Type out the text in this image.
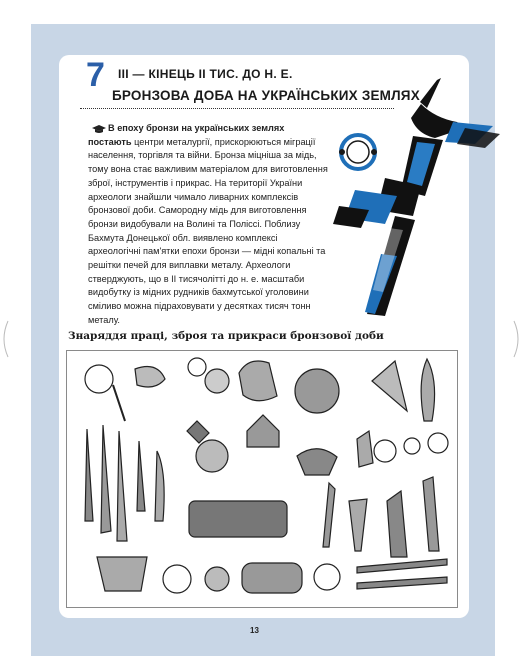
7 III — КІНЕЦЬ II ТИС. ДО Н. Е.
БРОНЗОВА ДОБА НА УКРАЇНСЬКИХ ЗЕМЛЯХ

В епоху бронзи на українських землях постають центри металургії, прискорюються міграції населення, торгівля та війни. Бронза міцніша за мідь, тому вона стає важливим матеріалом для виготовлення зброї, інструментів і прикрас. На території України археологи знайшли чимало ливарних комплексів бронзової доби. Самородну мідь для виготовлення бронзи видобували на Волині та Поліссі. Поблизу Бахмута Донецької обл. виявлено комплексі археологічні пам'ятки епохи бронзи — мідні копальні та решітки печей для виплавки металу. Археологи стверджують, що в II тисячолітті до н. е. масштаби видобутку із мідних рудників бахмутської уголовини сміливо можна підраховувати у десятках тисяч тонн металу.

Знаряддя праці, зброя та прикраси бронзової доби
13
